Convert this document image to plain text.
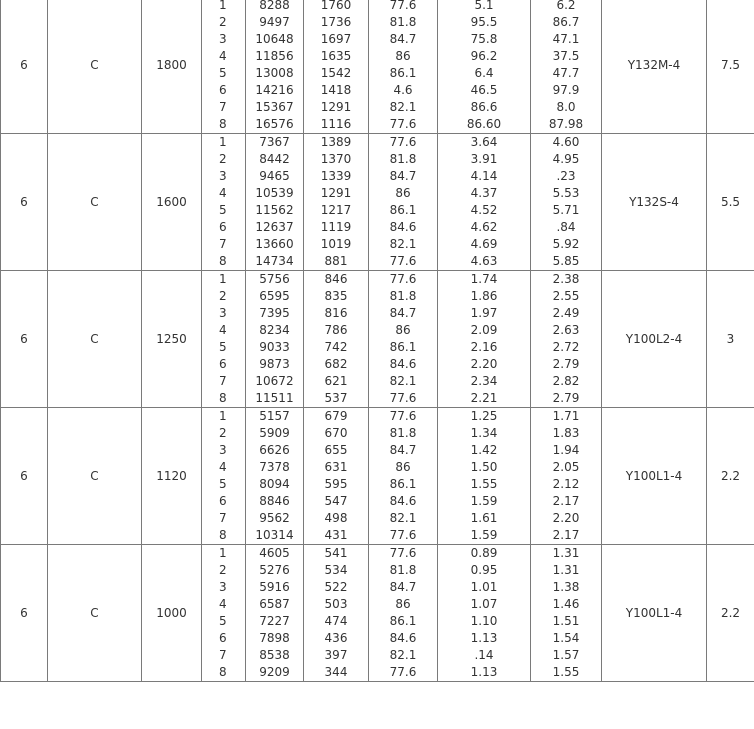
6	C	1800	1	8288	1760	77.6	5.1	6.2	Y132M-4	7.5
			2	9497	1736	81.8	95.5	86.7		
			3	10648	1697	84.7	75.8	47.1		
			4	11856	1635	86	96.2	37.5		
			5	13008	1542	86.1	6.4	47.7		
			6	14216	1418	4.6	46.5	97.9		
			7	15367	1291	82.1	86.6	8.0		
			8	16576	1116	77.6	86.60	87.98		
6	C	1600	1	7367	1389	77.6	3.64	4.60	Y132S-4	5.5
			2	8442	1370	81.8	3.91	4.95		
			3	9465	1339	84.7	4.14	.23		
			4	10539	1291	86	4.37	5.53		
			5	11562	1217	86.1	4.52	5.71		
			6	12637	1119	84.6	4.62	.84		
			7	13660	1019	82.1	4.69	5.92		
			8	14734	881	77.6	4.63	5.85		
6	C	1250	1	5756	846	77.6	1.74	2.38	Y100L2-4	3
			2	6595	835	81.8	1.86	2.55		
			3	7395	816	84.7	1.97	2.49		
			4	8234	786	86	2.09	2.63		
			5	9033	742	86.1	2.16	2.72		
			6	9873	682	84.6	2.20	2.79		
			7	10672	621	82.1	2.34	2.82		
			8	11511	537	77.6	2.21	2.79		
6	C	1120	1	5157	679	77.6	1.25	1.71	Y100L1-4	2.2
			2	5909	670	81.8	1.34	1.83		
			3	6626	655	84.7	1.42	1.94		
			4	7378	631	86	1.50	2.05		
			5	8094	595	86.1	1.55	2.12		
			6	8846	547	84.6	1.59	2.17		
			7	9562	498	82.1	1.61	2.20		
			8	10314	431	77.6	1.59	2.17		
6	C	1000	1	4605	541	77.6	0.89	1.31	Y100L1-4	2.2
			2	5276	534	81.8	0.95	1.31		
			3	5916	522	84.7	1.01	1.38		
			4	6587	503	86	1.07	1.46		
			5	7227	474	86.1	1.10	1.51		
			6	7898	436	84.6	1.13	1.54		
			7	8538	397	82.1	.14	1.57		
			8	9209	344	77.6	1.13	1.55		
